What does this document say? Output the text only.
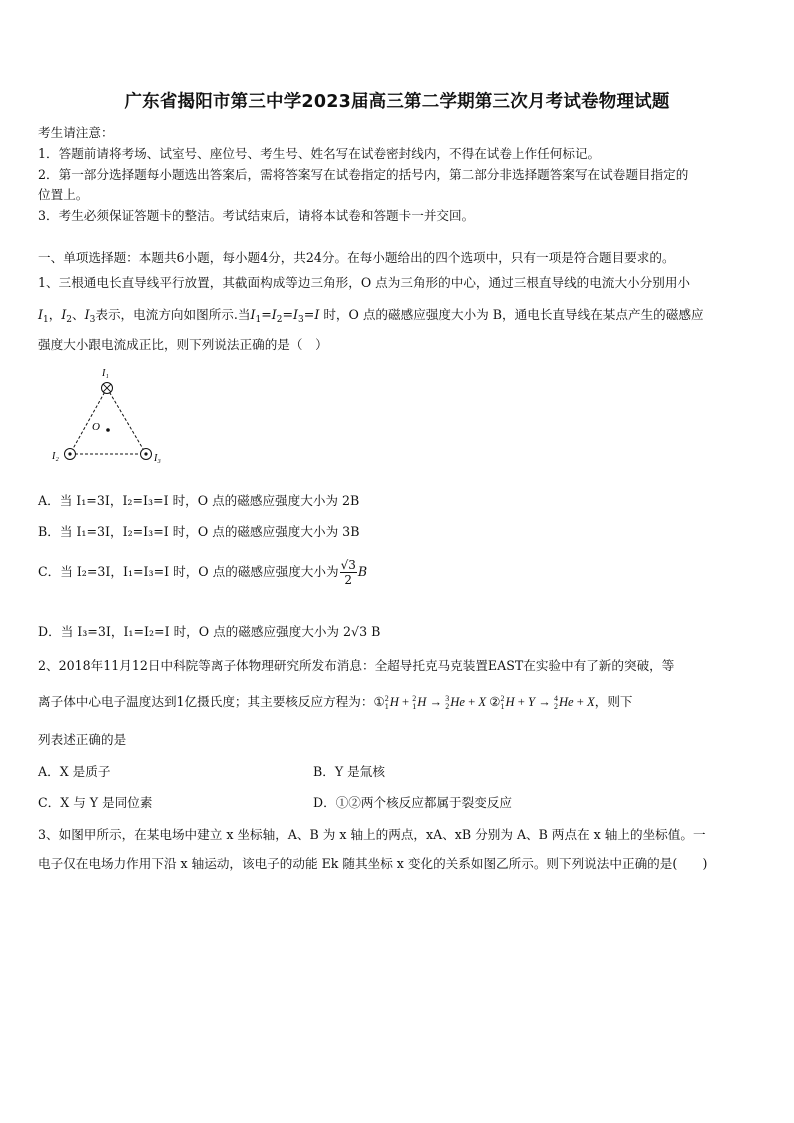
广东省揭阳市第三中学2023届高三第二学期第三次月考试卷物理试题
考生请注意：
1．答题前请将考场、试室号、座位号、考生号、姓名写在试卷密封线内，不得在试卷上作任何标记。
2．第一部分选择题每小题选出答案后，需将答案写在试卷指定的括号内，第二部分非选择题答案写在试卷题目指定的
位置上。
3．考生必须保证答题卡的整洁。考试结束后，请将本试卷和答题卡一并交回。
一、单项选择题：本题共6小题，每小题4分，共24分。在每小题给出的四个选项中，只有一项是符合题目要求的。
1、三根通电长直导线平行放置，其截面构成等边三角形，O 点为三角形的中心，通过三根直导线的电流大小分别用小
$I_1$，$I_2$、$I_3$表示，电流方向如图所示.当$I_1=I_2=I_3=I$ 时，O 点的磁感应强度大小为 B，通电长直导线在某点产生的磁感应
强度大小跟电流成正比，则下列说法正确的是（　）
O
I₁
I₂	I₃
A．当 I₁=3I，I₂=I₃=I 时，O 点的磁感应强度大小为 2B
B．当 I₁=3I，I₂=I₃=I 时，O 点的磁感应强度大小为 3B
C．当 I₂=3I，I₁=I₃=I 时，O 点的磁感应强度大小为 $\frac{√3}{2}$ B
D．当 I₃=3I，I₁=I₂=I 时，O 点的磁感应强度大小为 2√3 B
2、2018年11月12日中科院等离子体物理研究所发布消息：全超导托克马克装置EAST在实验中有了新的突破，等
离子体中心电子温度达到1亿摄氏度；其主要核反应方程为：① 2
1 H + 2
1 H → 3
2 He + X ② 2
1 H + Y → 4
2 He + X，则下
列表述正确的是
A．X 是质子	B．Y 是氚核
C．X 与 Y 是同位素	D．①②两个核反应都属于裂变反应
3、如图甲所示，在某电场中建立 x 坐标轴，A、B 为 x 轴上的两点，xA、xB 分别为 A、B 两点在 x 轴上的坐标值。一
电子仅在电场力作用下沿 x 轴运动，该电子的动能 Ek 随其坐标 x 变化的关系如图乙所示。则下列说法中正确的是(　　)
